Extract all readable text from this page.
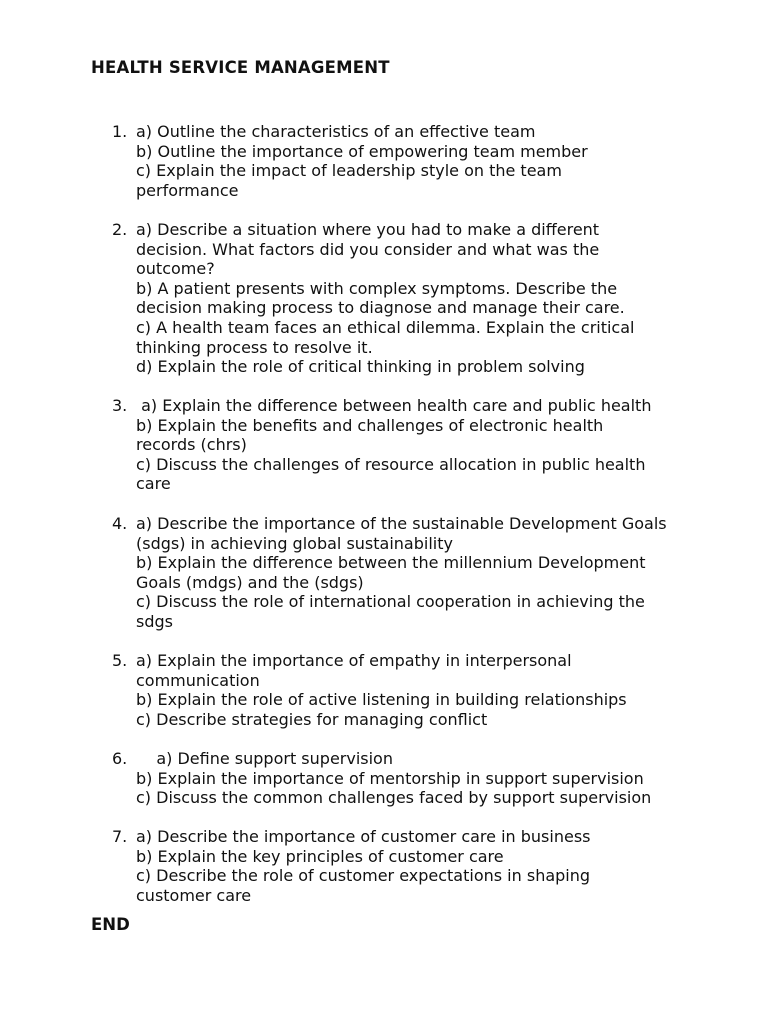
HEALTH SERVICE MANAGEMENT
1. a) Outline the characteristics of an effective team
b) Outline the importance of empowering team member
c) Explain the impact of leadership style on the team
performance
2. a) Describe a situation where you had to make a different
decision. What factors did you consider and what was the
outcome?
b) A patient presents with complex symptoms. Describe the
decision making process to diagnose and manage their care.
c) A health team faces an ethical dilemma. Explain the critical
thinking process to resolve it.
d) Explain the role of critical thinking in problem solving
3. a) Explain the difference between health care and public health
b) Explain the benefits and challenges of electronic health
records (chrs)
c) Discuss the challenges of resource allocation in public health
care
4. a) Describe the importance of the sustainable Development Goals
(sdgs) in achieving global sustainability
b) Explain the difference between the millennium Development
Goals (mdgs) and the (sdgs)
c) Discuss the role of international cooperation in achieving the
sdgs
5. a) Explain the importance of empathy in interpersonal
communication
b) Explain the role of active listening in building relationships
c) Describe strategies for managing conflict
6. a) Define support supervision
b) Explain the importance of mentorship in support supervision
c) Discuss the common challenges faced by support supervision
7. a) Describe the importance of customer care in business
b) Explain the key principles of customer care
c) Describe the role of customer expectations in shaping
customer care

END
